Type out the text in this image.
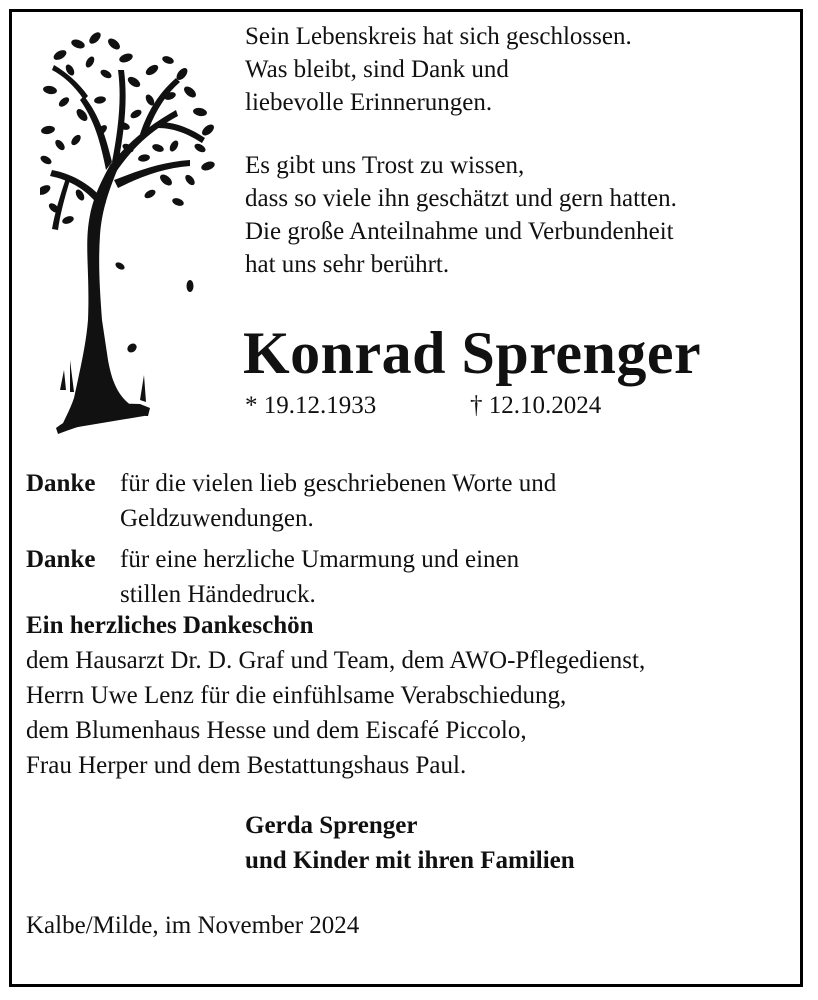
Sein Lebenskreis hat sich geschlossen.

Was bleibt, sind Dank und

liebevolle Erinnerungen.

Es gibt uns Trost zu wissen,

dass so viele ihn geschätzt und gern hatten.

Die große Anteilnahme und Verbundenheit

hat uns sehr berührt.

Konrad Sprenger
* 19.12.1933	† 12.10.2024
Danke für die vielen lieb geschriebenen Worte und

Geldzuwendungen.

Danke für eine herzliche Umarmung und einen

stillen Händedruck.

Ein herzliches Dankeschön

dem Hausarzt Dr. D. Graf und Team, dem AWO-Pflegedienst,

Herrn Uwe Lenz für die einfühlsame Verabschiedung,

dem Blumenhaus Hesse und dem Eiscafé Piccolo,

Frau Herper und dem Bestattungshaus Paul.

Gerda Sprenger

und Kinder mit ihren Familien

Kalbe/Milde, im November 2024
